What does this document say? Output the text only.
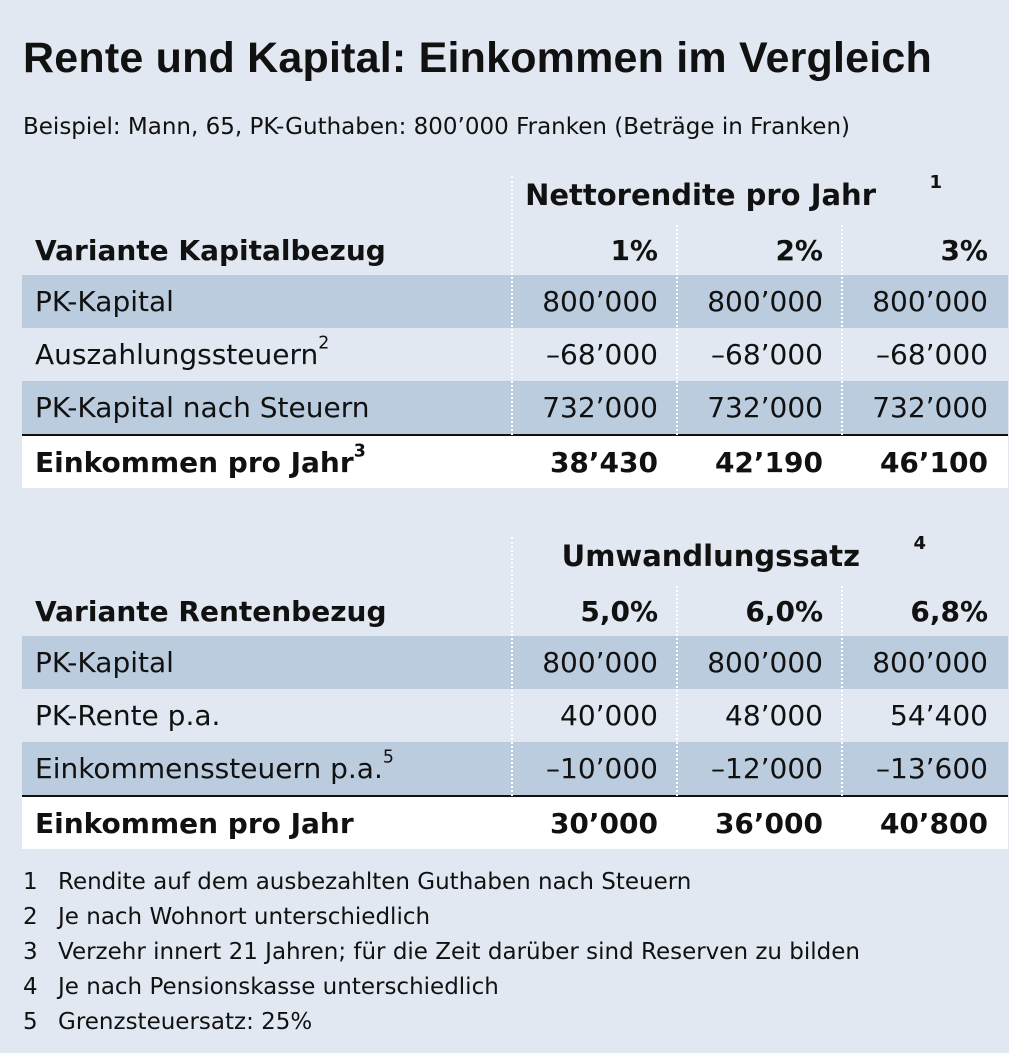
Rente und Kapital: Einkommen im Vergleich
Beispiel: Mann, 65, PK-Guthaben: 800’000 Franken (Beträge in Franken)
Nettorendite pro Jahr	$^1$
Variante Kapitalbezug	1%	2%	3%
PK-Kapital	800’000	800’000	800’000
Auszahlungssteuern$^2$	–68’000	–68’000	–68’000
PK-Kapital nach Steuern	732’000	732’000	732’000
Einkommen pro Jahr$^3$	38’430	42’190	46’100
Umwandlungssatz	$^4$
Variante Rentenbezug	5,0%	6,0%	6,8%
PK-Kapital	800’000	800’000	800’000
PK-Rente p.a.	40’000	48’000	54’400
Einkommenssteuern p.a.$^5$	–10’000	–12’000	–13’600
Einkommen pro Jahr	30’000	36’000	40’800
1 Rendite auf dem ausbezahlten Guthaben nach Steuern
2 Je nach Wohnort unterschiedlich
3 Verzehr innert 21 Jahren; für die Zeit darüber sind Reserven zu bilden
4 Je nach Pensionskasse unterschiedlich
5 Grenzsteuersatz: 25%
